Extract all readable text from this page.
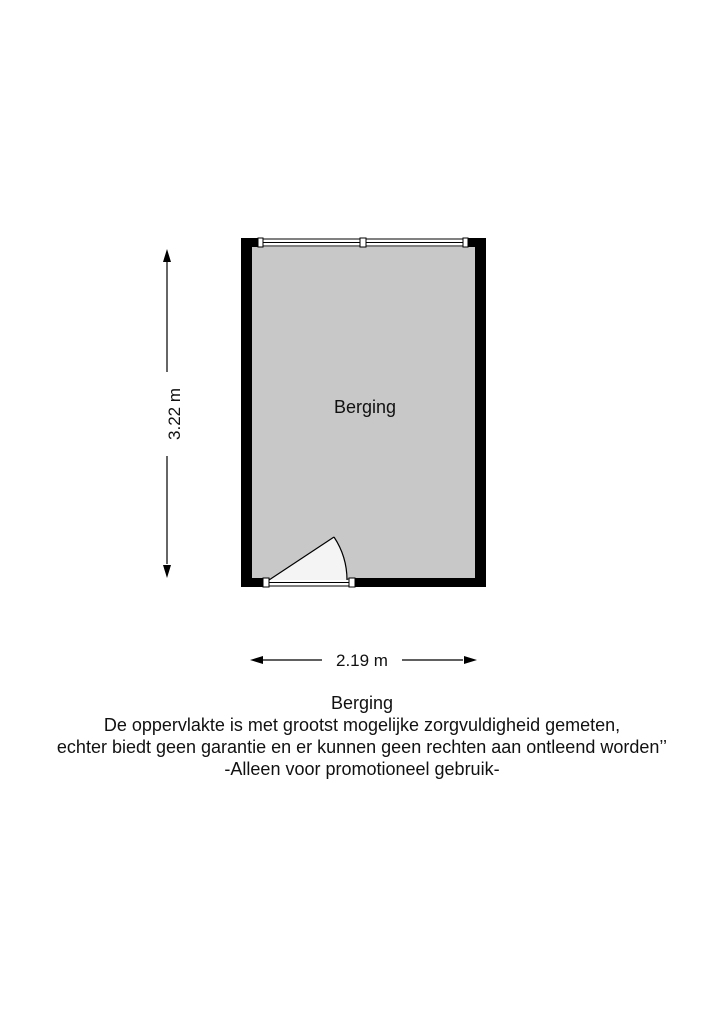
Berging
3.22 m
2.19 m
Berging
De oppervlakte is met grootst mogelijke zorgvuldigheid gemeten,
echter biedt geen garantie en er kunnen geen rechten aan ontleend worden’’
-Alleen voor promotioneel gebruik-
